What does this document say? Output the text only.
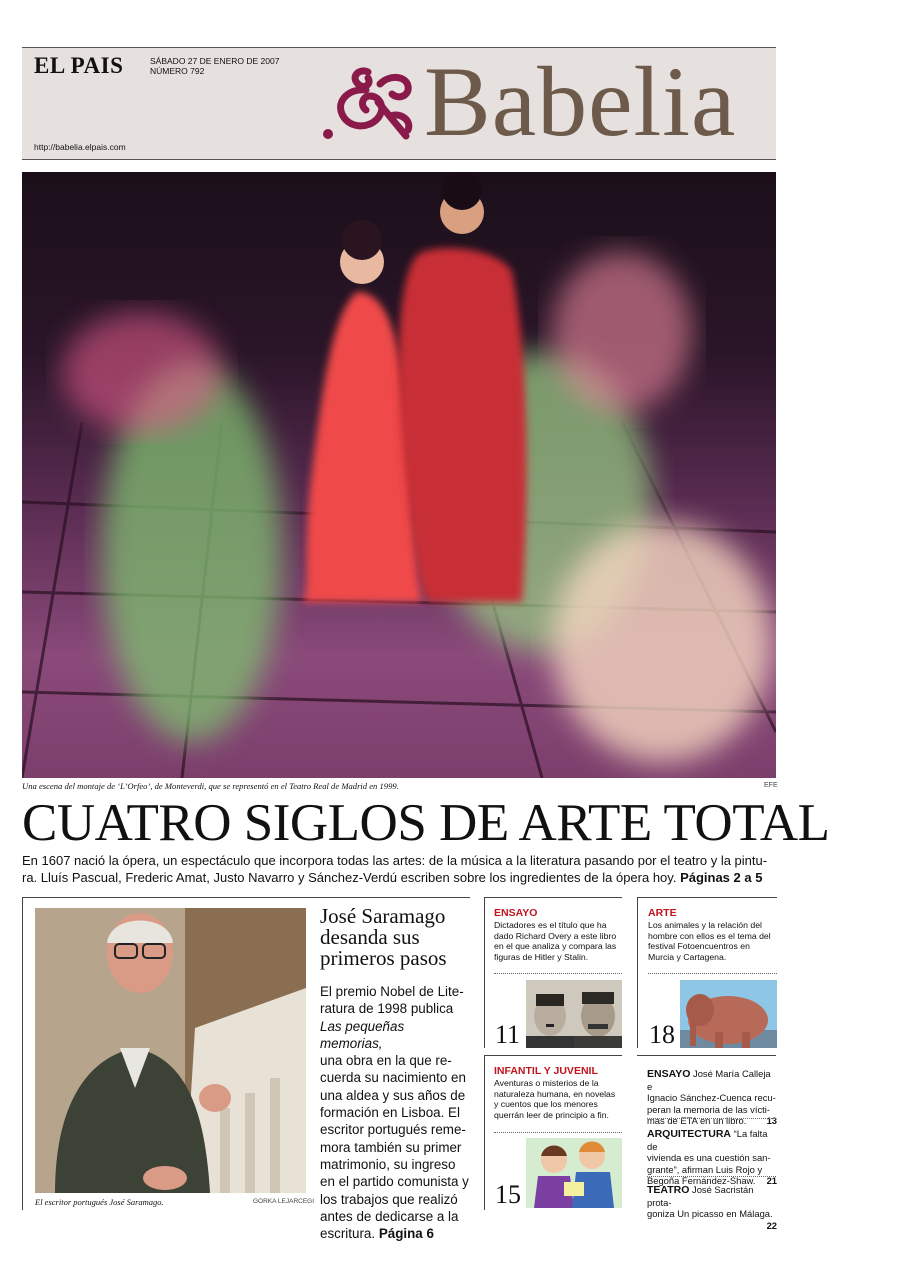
EL PAIS	SÁBADO 27 DE ENERO DE 2007
NÚMERO 792
http://babelia.elpais.com	Babelia
Una escena del montaje de ‘L’Orfeo’, de Monteverdi, que se representó en el Teatro Real de Madrid en 1999.	EFE
CUATRO SIGLOS DE ARTE TOTAL
En 1607 nació la ópera, un espectáculo que incorpora todas las artes: de la música a la literatura pasando por el teatro y la pintu-
ra. Lluís Pascual, Frederic Amat, Justo Navarro y Sánchez-Verdú escriben sobre los ingredientes de la ópera hoy. Páginas 2 a 5
El escritor portugués José Saramago.	GORKA LEJARCEGI
José Saramago
desanda sus
primeros pasos
El premio Nobel de Lite-
ratura de 1998 publica
Las pequeñas memorias,
una obra en la que re-
cuerda su nacimiento en
una aldea y sus años de
formación en Lisboa. El
escritor portugués reme-
mora también su primer
matrimonio, su ingreso
en el partido comunista y
los trabajos que realizó
antes de dedicarse a la
escritura. Página 6
ENSAYO
Dictadores es el título que ha
dado Richard Overy a este libro
en el que analiza y compara las
figuras de Hitler y Stalin.
11
ARTE
Los animales y la relación del
hombre con ellos es el tema del
festival Fotoencuentros en
Murcia y Cartagena.
18
INFANTIL Y JUVENIL
Aventuras o misterios de la
naturaleza humana, en novelas
y cuentos que los menores
querrán leer de principio a fin.
15
ENSAYO José María Calleja e
Ignacio Sánchez-Cuenca recu-
peran la memoria de las vícti-
mas de ETA en un libro. 13
ARQUITECTURA “La falta de
vivienda es una cuestión san-
grante”, afirman Luis Rojo y
Begoña Fernández-Shaw. 21
TEATRO José Sacristán prota-
goniza Un picasso en Málaga.
22
